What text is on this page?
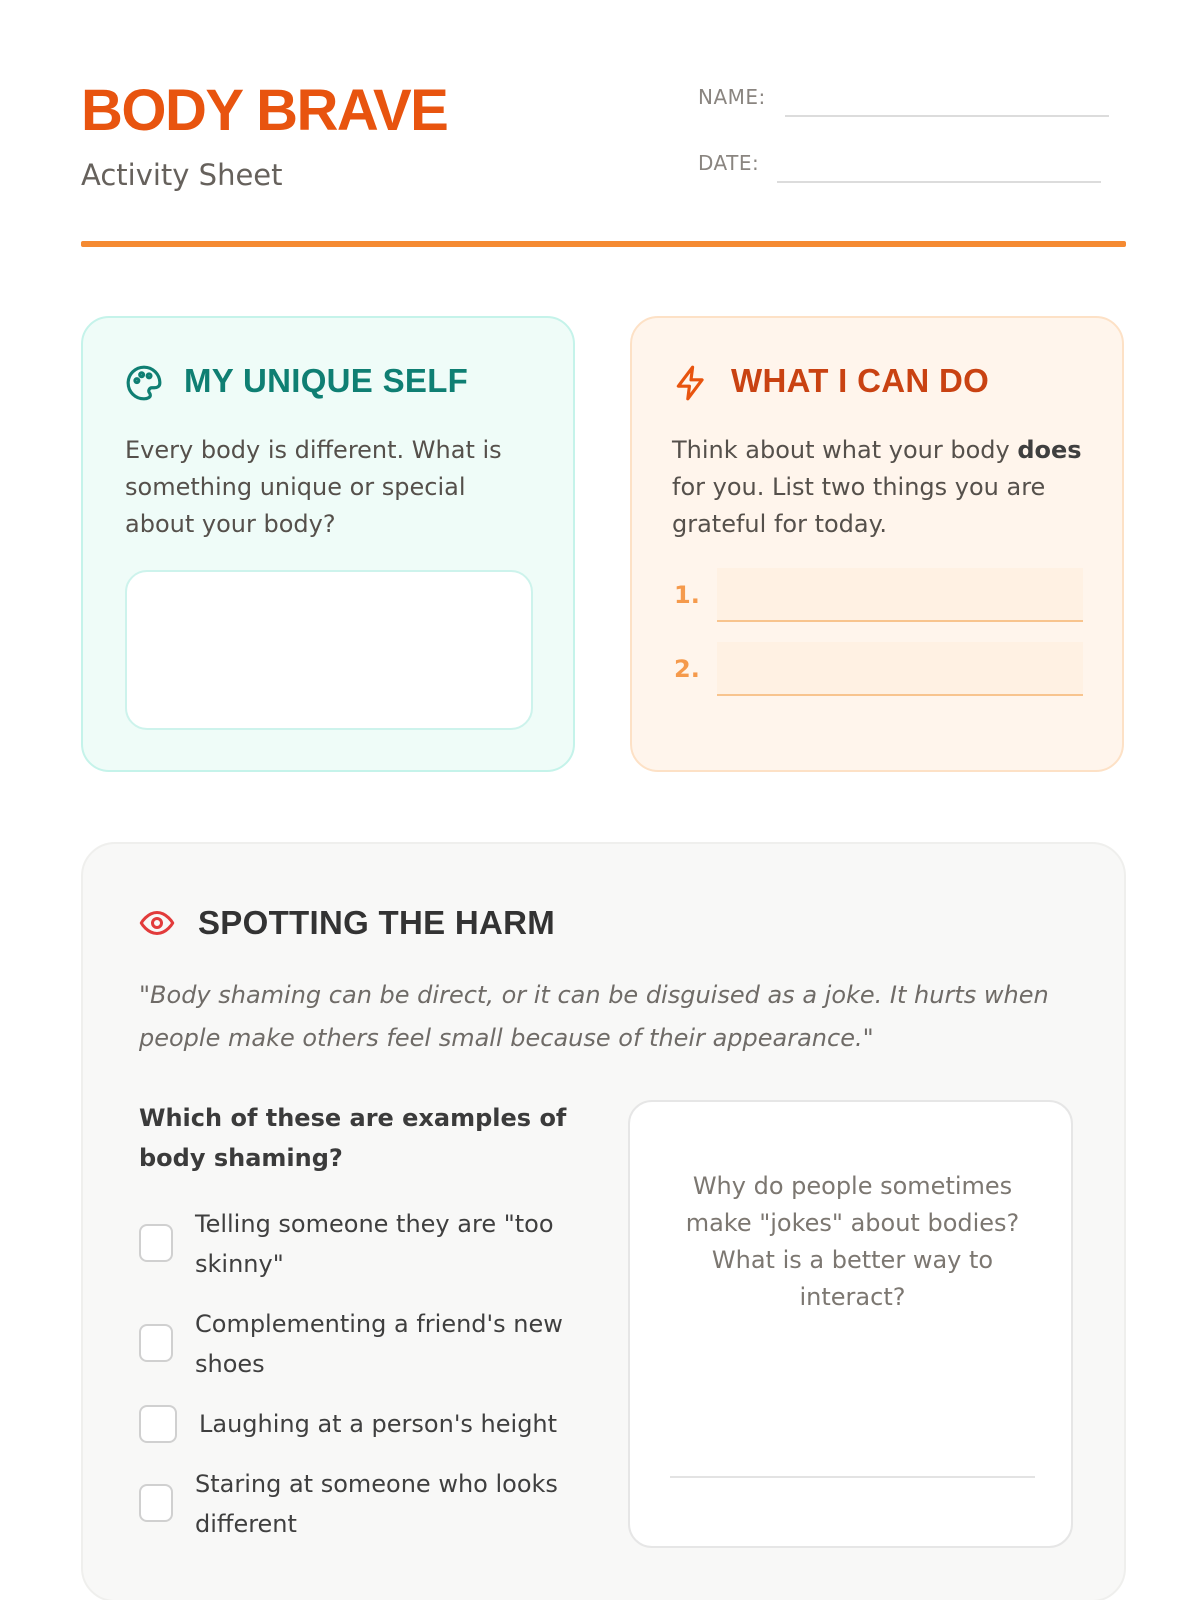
BODY BRAVE
Activity Sheet
NAME:
DATE:
MY UNIQUE SELF
Every body is different. What is
something unique or special
about your body?
WHAT I CAN DO
Think about what your body does
for you. List two things you are
grateful for today.
1.
2.
SPOTTING THE HARM
"Body shaming can be direct, or it can be disguised as a joke. It hurts when
people make others feel small because of their appearance."
Which of these are examples of
body shaming?
Telling someone they are "too
skinny"
Complementing a friend's new
shoes
Laughing at a person's height
Staring at someone who looks
different
Why do people sometimes
make "jokes" about bodies?
What is a better way to
interact?
